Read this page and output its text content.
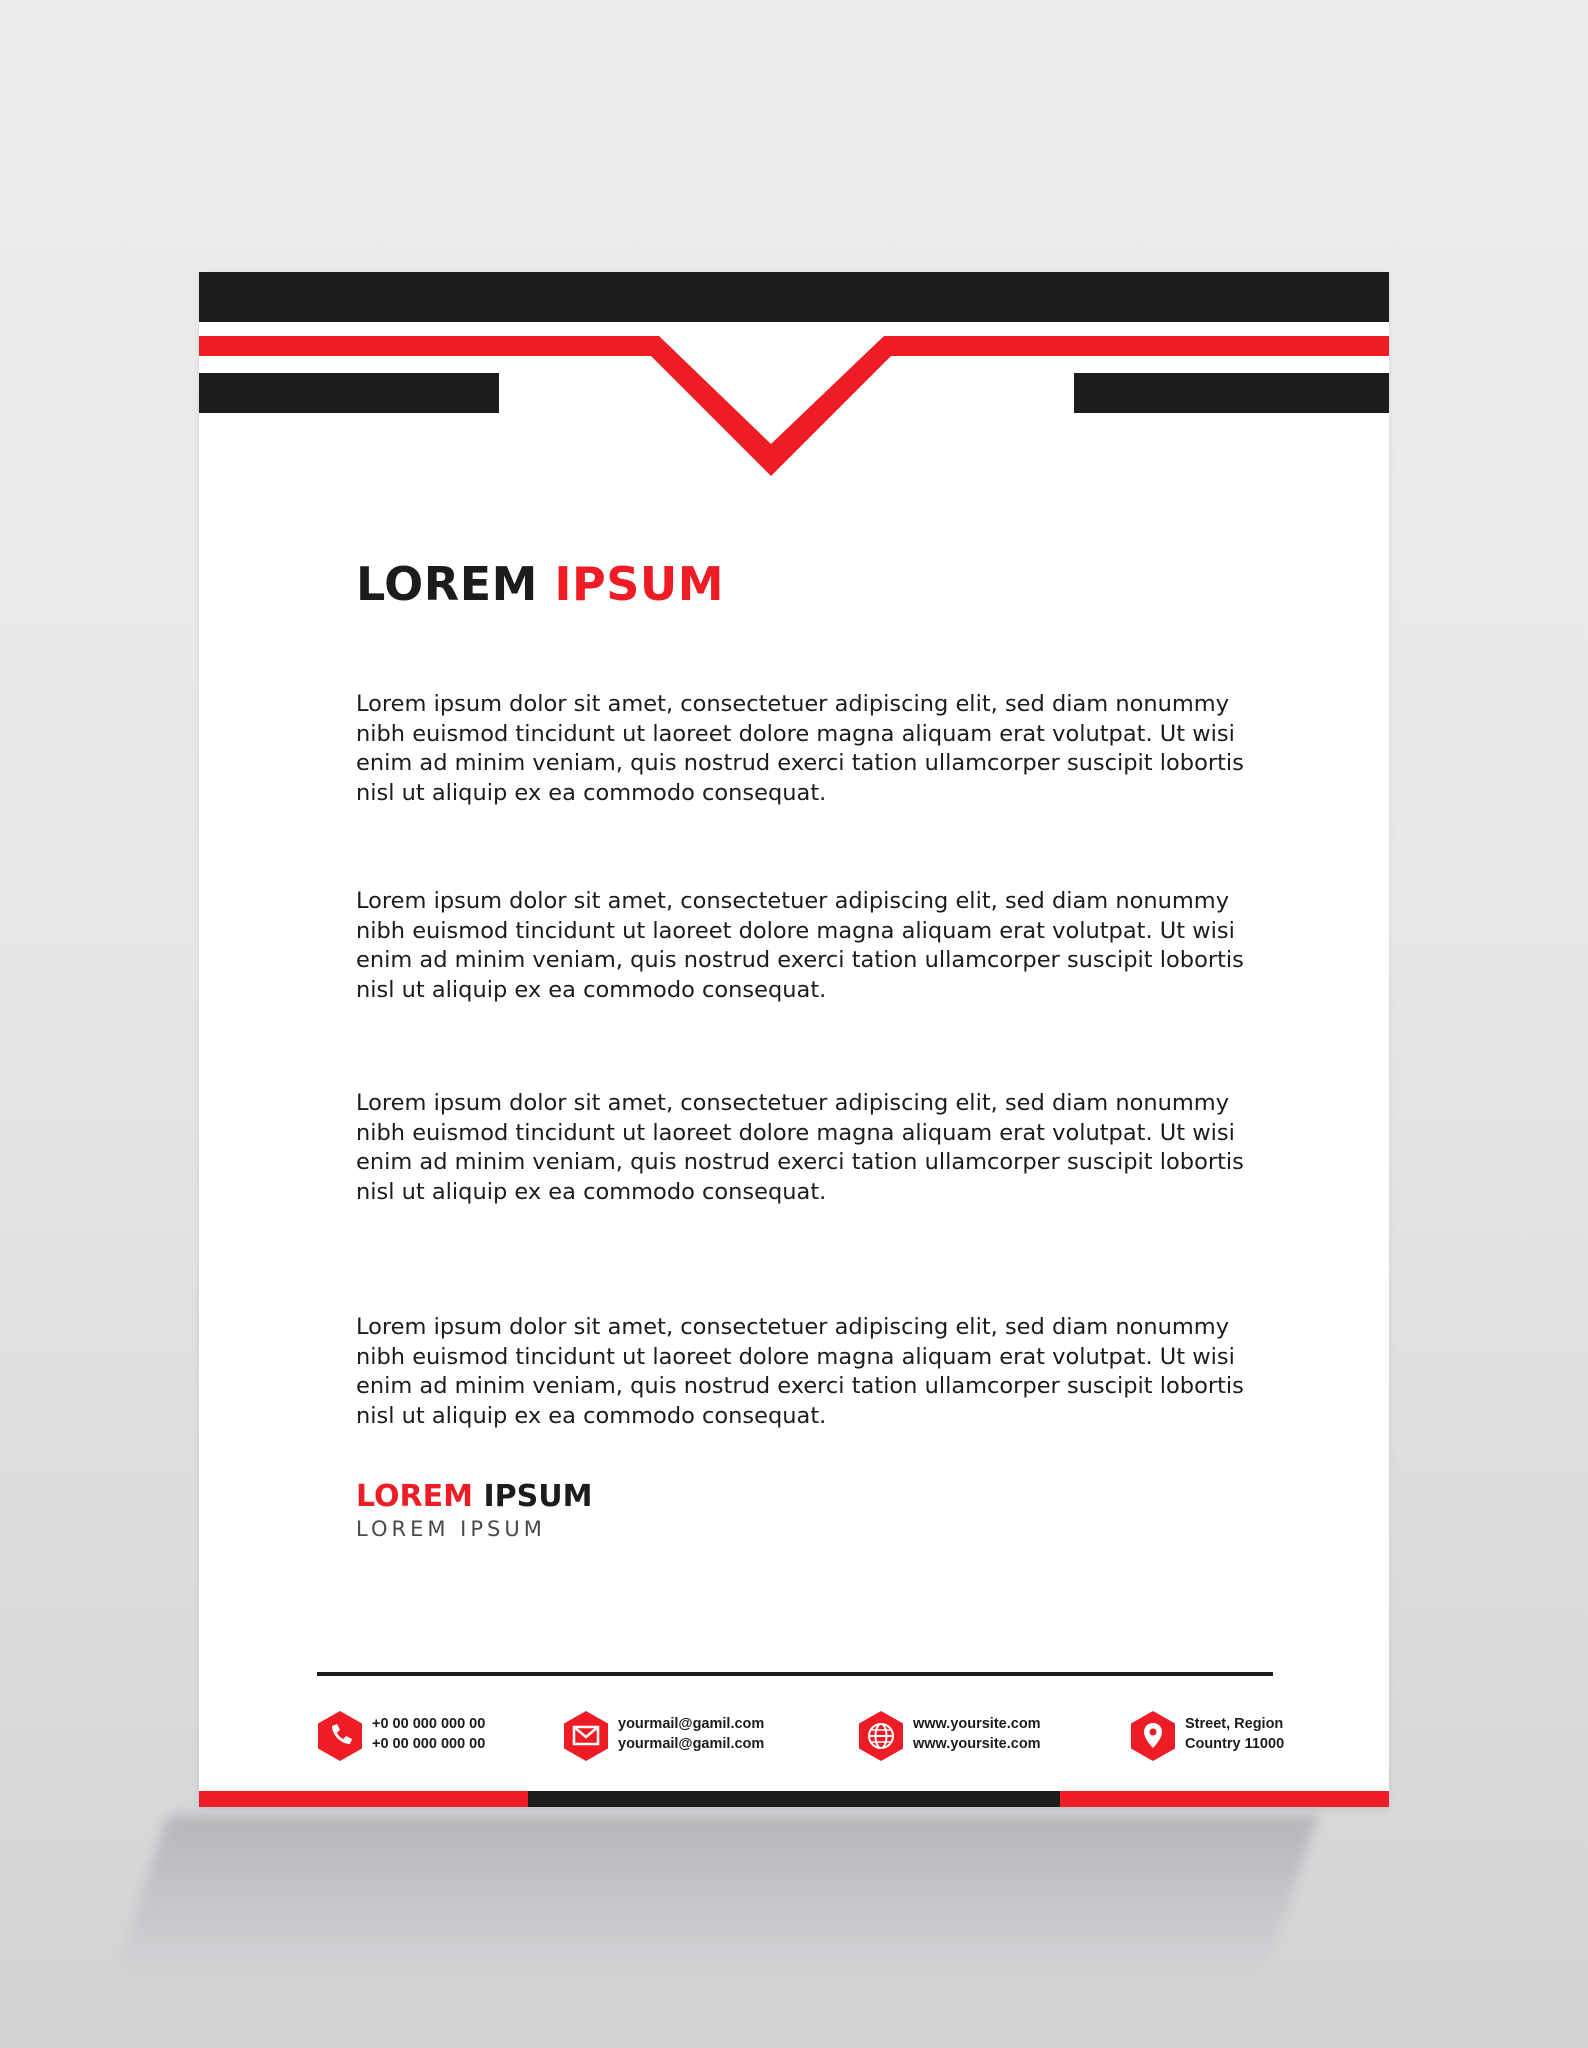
LOREM IPSUM

Lorem ipsum dolor sit amet, consectetuer adipiscing elit, sed diam nonummy nibh euismod tincidunt ut laoreet dolore magna aliquam erat volutpat. Ut wisi enim ad minim veniam, quis nostrud exerci tation ullamcorper suscipit lobortis nisl ut aliquip ex ea commodo consequat.

Lorem ipsum dolor sit amet, consectetuer adipiscing elit, sed diam nonummy nibh euismod tincidunt ut laoreet dolore magna aliquam erat volutpat. Ut wisi enim ad minim veniam, quis nostrud exerci tation ullamcorper suscipit lobortis nisl ut aliquip ex ea commodo consequat.

Lorem ipsum dolor sit amet, consectetuer adipiscing elit, sed diam nonummy nibh euismod tincidunt ut laoreet dolore magna aliquam erat volutpat. Ut wisi enim ad minim veniam, quis nostrud exerci tation ullamcorper suscipit lobortis nisl ut aliquip ex ea commodo consequat.

Lorem ipsum dolor sit amet, consectetuer adipiscing elit, sed diam nonummy nibh euismod tincidunt ut laoreet dolore magna aliquam erat volutpat. Ut wisi enim ad minim veniam, quis nostrud exerci tation ullamcorper suscipit lobortis nisl ut aliquip ex ea commodo consequat.

LOREM IPSUM
LOREM IPSUM
+0 00 000 000 00
+0 00 000 000 00
yourmail@gamil.com
yourmail@gamil.com
www.yoursite.com
www.yoursite.com
Street, Region
Country 11000
